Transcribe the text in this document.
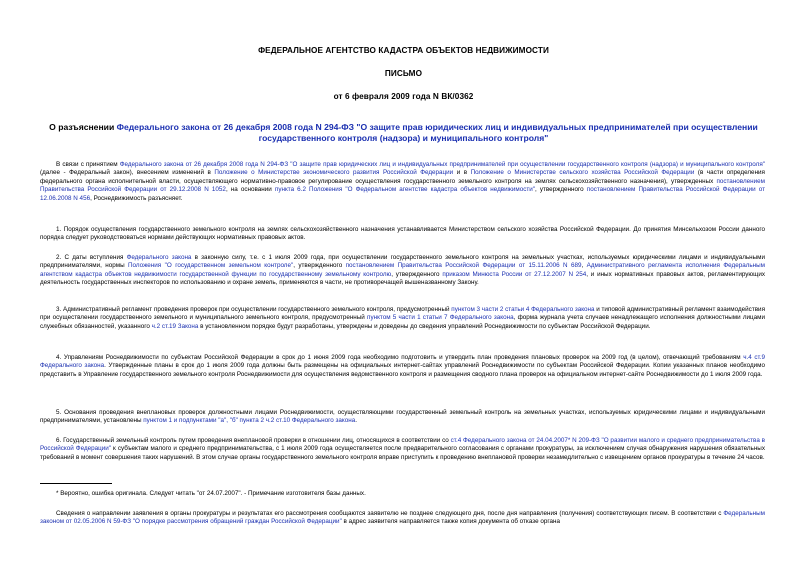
ФЕДЕРАЛЬНОЕ АГЕНТСТВО КАДАСТРА ОБЪЕКТОВ НЕДВИЖИМОСТИ
ПИСЬМО
от 6 февраля 2009 года N ВК/0362
О разъяснении Федерального закона от 26 декабря 2008 года N 294-ФЗ "О защите прав юридических лиц и индивидуальных предпринимателей при осуществлении государственного контроля (надзора) и муниципального контроля"
В связи с принятием Федерального закона от 26 декабря 2008 года N 294-ФЗ "О защите прав юридических лиц и индивидуальных предпринимателей при осуществлении государственного контроля (надзора) и муниципального контроля" (далее - Федеральный закон), внесением изменений в Положение о Министерстве экономического развития Российской Федерации и в Положение о Министерстве сельского хозяйства Российской Федерации (в части определения федерального органа исполнительной власти, осуществляющего нормативно-правовое регулирование осуществления государственного земельного контроля на землях сельскохозяйственного назначения), утвержденных постановлением Правительства Российской Федерации от 29.12.2008 N 1052, на основании пункта 6.2 Положения "О Федеральном агентстве кадастра объектов недвижимости", утвержденного постановлением Правительства Российской Федерации от 12.06.2008 N 456, Роснедвижимость разъясняет.
1. Порядок осуществления государственного земельного контроля на землях сельскохозяйственного назначения устанавливается Министерством сельского хозяйства Российской Федерации. До принятия Минсельхозом России данного порядка следует руководствоваться нормами действующих нормативных правовых актов.
2. С даты вступления Федерального закона в законную силу, т.е. с 1 июля 2009 года, при осуществлении государственного земельного контроля на земельных участках, используемых юридическими лицами и индивидуальными предпринимателями, нормы Положения "О государственном земельном контроле", утвержденного постановлением Правительства Российской Федерации от 15.11.2006 N 689, Административного регламента исполнения Федеральным агентством кадастра объектов недвижимости государственной функции по государственному земельному контролю, утвержденного приказом Минюста России от 27.12.2007 N 254, и иных нормативных правовых актов, регламентирующих деятельность государственных инспекторов по использованию и охране земель, применяются в части, не противоречащей вышеназванному Закону.
3. Административный регламент проведения проверок при осуществлении государственного земельного контроля, предусмотренный пунктом 3 части 2 статьи 4 Федерального закона и типовой административный регламент взаимодействия при осуществлении государственного земельного и муниципального земельного контроля, предусмотренный пунктом 5 части 1 статьи 7 Федерального закона, форма журнала учета случаев ненадлежащего исполнения должностными лицами служебных обязанностей, указанного ч.2 ст.19 Закона в установленном порядке будут разработаны, утверждены и доведены до сведения управлений Роснедвижимости по субъектам Российской Федерации.
4. Управлениям Роснедвижимости по субъектам Российской Федерации в срок до 1 июня 2009 года необходимо подготовить и утвердить план проведения плановых проверок на 2009 год (в целом), отвечающий требованиям ч.4 ст.9 Федерального закона. Утвержденные планы в срок до 1 июля 2009 года должны быть размещены на официальных интернет-сайтах управлений Роснедвижимости по субъектам Российской Федерации. Копии указанных планов необходимо представить в Управление государственного земельного контроля Роснедвижимости для осуществления ведомственного контроля и размещения сводного плана проверок на официальном интернет-сайте Роснедвижимости до 1 июля 2009 года.
5. Основания проведения внеплановых проверок должностными лицами Роснедвижимости, осуществляющими государственный земельный контроль на земельных участках, используемых юридическими лицами и индивидуальными предпринимателями, установлены пунктом 1 и подпунктами "а", "б" пункта 2 ч.2 ст.10 Федерального закона.
6. Государственный земельный контроль путем проведения внеплановой проверки в отношении лиц, относящихся в соответствии со ст.4 Федерального закона от 24.04.2007* N 209-ФЗ "О развитии малого и среднего предпринимательства в Российской Федерации" к субъектам малого и среднего предпринимательства, с 1 июля 2009 года осуществляется после предварительного согласования с органами прокуратуры, за исключением случая обнаружения нарушения обязательных требований в момент совершения таких нарушений. В этом случае органы государственного земельного контроля вправе приступить к проведению внеплановой проверки незамедлительно с извещением органов прокуратуры в течение 24 часов.
* Вероятно, ошибка оригинала. Следует читать "от 24.07.2007". - Примечание изготовителя базы данных.
Сведения о направлении заявления в органы прокуратуры и результатах его рассмотрения сообщаются заявителю не позднее следующего дня, после дня направления (получения) соответствующих писем. В соответствии с Федеральным законом от 02.05.2006 N 59-ФЗ "О порядке рассмотрения обращений граждан Российской Федерации" в адрес заявителя направляется также копия документа об отказе органа
